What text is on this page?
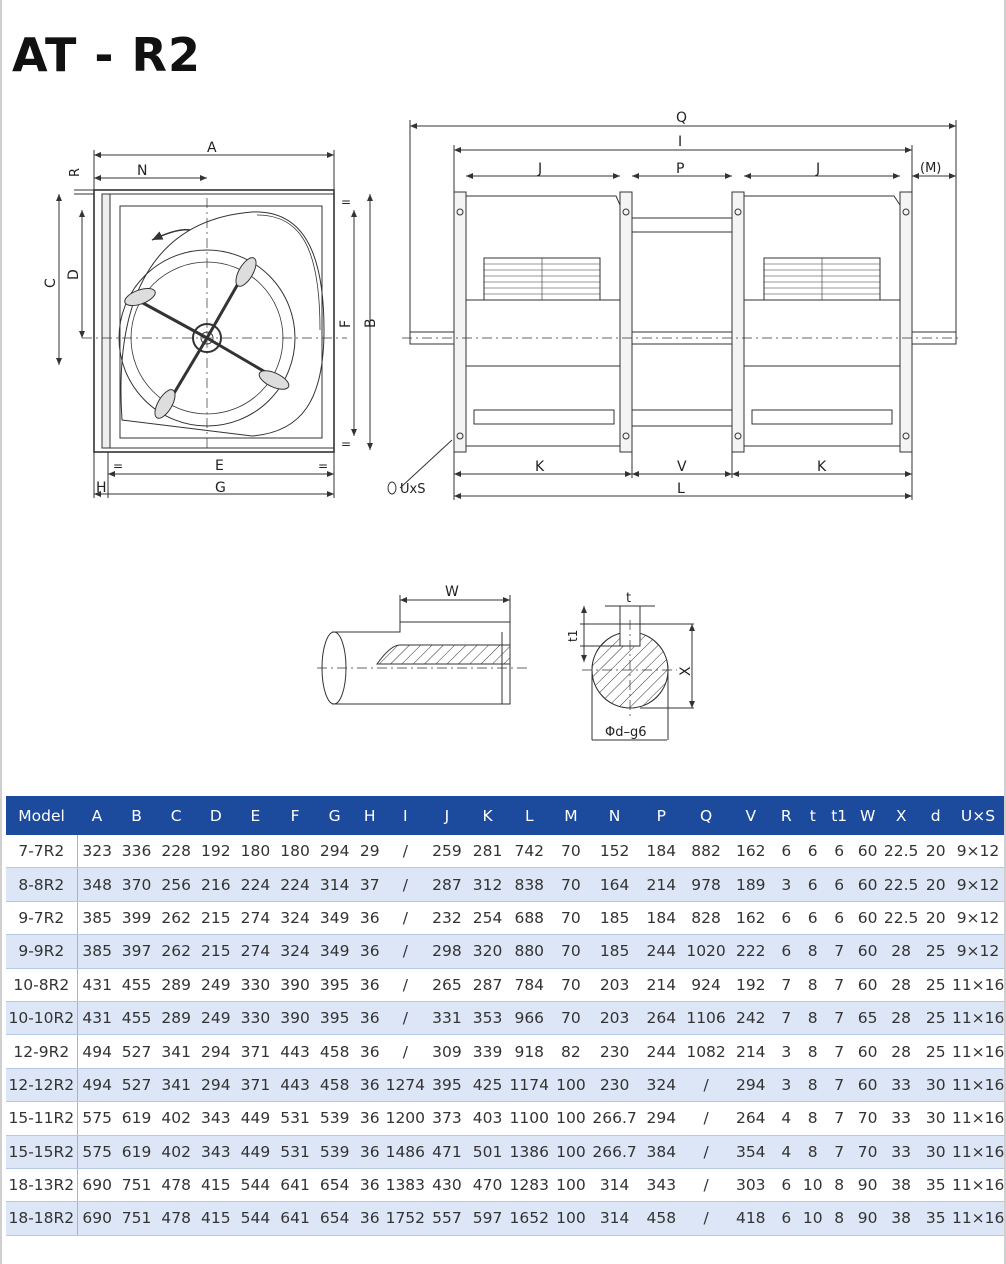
AT - R2
A
N
R
C
D
F B
E
G
H
=	=
=
=
Q
I
J	P	J	(M)
K	V	K
L
UxS
W	t
t1
X
Φd–g6
Model	A	B	C	D	E	F	G	H	I	J	K	L	M	N	P	Q	V	R	t	t1	W	X	d	U×S
7-7R2	323	336	228	192	180	180	294	29	/	259	281	742	70	152	184	882	162	6	6	6	60	22.5	20	9×12
8-8R2	348	370	256	216	224	224	314	37	/	287	312	838	70	164	214	978	189	3	6	6	60	22.5	20	9×12
9-7R2	385	399	262	215	274	324	349	36	/	232	254	688	70	185	184	828	162	6	6	6	60	22.5	20	9×12
9-9R2	385	397	262	215	274	324	349	36	/	298	320	880	70	185	244	1020	222	6	8	7	60	28	25	9×12
10-8R2	431	455	289	249	330	390	395	36	/	265	287	784	70	203	214	924	192	7	8	7	60	28	25	11×16
10-10R2	431	455	289	249	330	390	395	36	/	331	353	966	70	203	264	1106	242	7	8	7	65	28	25	11×16
12-9R2	494	527	341	294	371	443	458	36	/	309	339	918	82	230	244	1082	214	3	8	7	60	28	25	11×16
12-12R2	494	527	341	294	371	443	458	36	1274	395	425	1174	100	230	324	/	294	3	8	7	60	33	30	11×16
15-11R2	575	619	402	343	449	531	539	36	1200	373	403	1100	100	266.7	294	/	264	4	8	7	70	33	30	11×16
15-15R2	575	619	402	343	449	531	539	36	1486	471	501	1386	100	266.7	384	/	354	4	8	7	70	33	30	11×16
18-13R2	690	751	478	415	544	641	654	36	1383	430	470	1283	100	314	343	/	303	6	10	8	90	38	35	11×16
18-18R2	690	751	478	415	544	641	654	36	1752	557	597	1652	100	314	458	/	418	6	10	8	90	38	35	11×16
